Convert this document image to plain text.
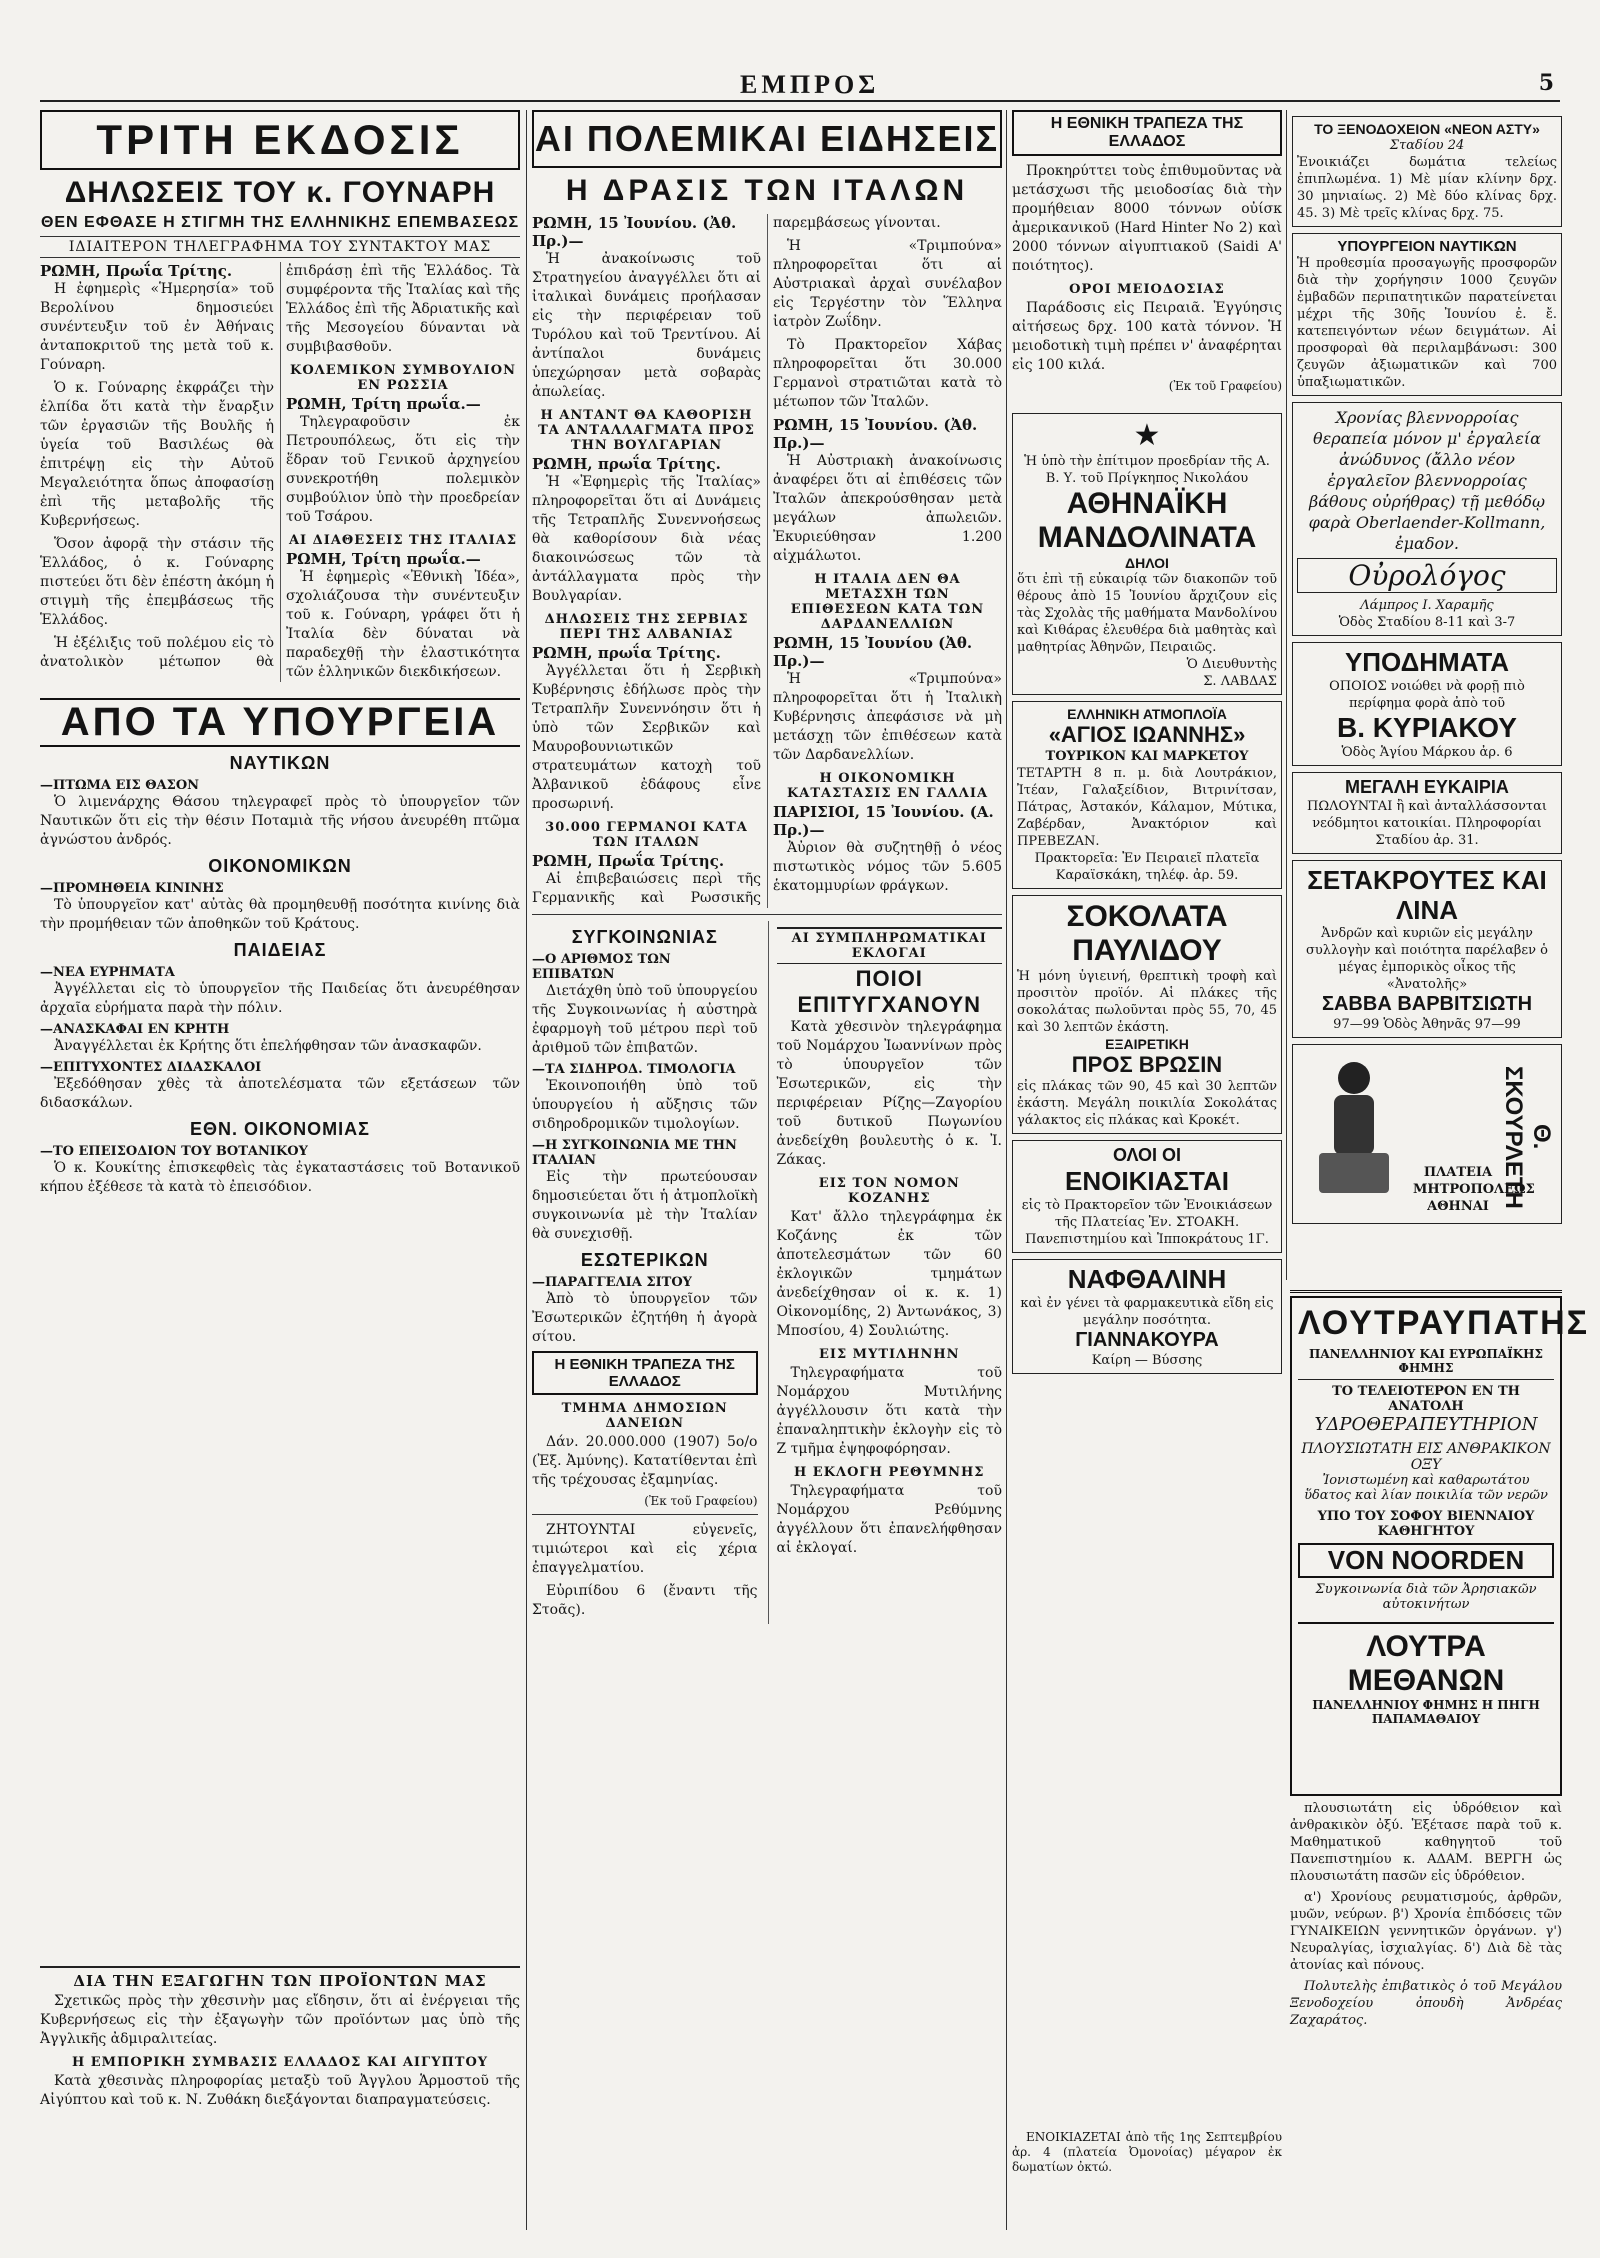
ΕΜΠΡΟΣ	5
ΤΡΙΤΗ ΕΚΔΟΣΙΣ
ΔΗΛΩΣΕΙΣ ΤΟΥ κ. ΓΟΥΝΑΡΗ
ΘΕΝ ΕΦΘΑΣΕ Η ΣΤΙΓΜΗ ΤΗΣ ΕΛΛΗΝΙΚΗΣ ΕΠΕΜΒΑΣΕΩΣ
ΙΔΙΑΙΤΕΡΟΝ ΤΗΛΕΓΡΑΦΗΜΑ ΤΟΥ ΣΥΝΤΑΚΤΟΥ ΜΑΣ
ΡΩΜΗ, Πρωΐα Τρίτης.

Η ἐφημερὶς «Ἡμερησία» τοῦ Βερολίνου δημοσιεύει συνέντευξιν τοῦ ἐν Ἀθήναις ἀνταποκριτοῦ της μετὰ τοῦ κ. Γούναρη.

Ὁ κ. Γούναρης ἐκφράζει τὴν ἐλπίδα ὅτι κατὰ τὴν ἔναρξιν τῶν ἐργασιῶν τῆς Βουλῆς ἡ ὑγεία τοῦ Βασιλέως θὰ ἐπιτρέψῃ εἰς τὴν Αὐτοῦ Μεγαλειότητα ὅπως ἀποφασίσῃ ἐπὶ τῆς μεταβολῆς τῆς Κυβερνήσεως.

Ὅσον ἀφορᾷ τὴν στάσιν τῆς Ἑλλάδος, ὁ κ. Γούναρης πιστεύει ὅτι δὲν ἐπέστη ἀκόμη ἡ στιγμὴ τῆς ἐπεμβάσεως τῆς Ἑλλάδος.

Ἡ ἐξέλιξις τοῦ πολέμου εἰς τὸ ἀνατολικὸν μέτωπον θὰ ἐπιδράσῃ ἐπὶ τῆς Ἑλλάδος. Τὰ συμφέροντα τῆς Ἰταλίας καὶ τῆς Ἑλλάδος ἐπὶ τῆς Ἀδριατικῆς καὶ τῆς Μεσογείου δύνανται νὰ συμβιβασθοῦν.

ΚΟΛΕΜΙΚΟΝ ΣΥΜΒΟΥΛΙΟΝ ΕΝ ΡΩΣΣΙΑ
ΡΩΜΗ, Τρίτη πρωΐα.—

Τηλεγραφοῦσιν ἐκ Πετρουπόλεως, ὅτι εἰς τὴν ἕδραν τοῦ Γενικοῦ ἀρχηγείου συνεκροτήθη πολεμικὸν συμβούλιον ὑπὸ τὴν προεδρείαν τοῦ Τσάρου.

ΑΙ ΔΙΑΘΕΣΕΙΣ ΤΗΣ ΙΤΑΛΙΑΣ
ΡΩΜΗ, Τρίτη πρωΐα.—

Ἡ ἐφημερὶς «Ἐθνικὴ Ἰδέα», σχολιάζουσα τὴν συνέντευξιν τοῦ κ. Γούναρη, γράφει ὅτι ἡ Ἰταλία δὲν δύναται νὰ παραδεχθῇ τὴν ἐλαστικότητα τῶν ἑλληνικῶν διεκδικήσεων.

ΑΠΟ ΤΑ ΥΠΟΥΡΓΕΙΑ
ΝΑΥΤΙΚΩΝ
—ΠΤΩΜΑ ΕΙΣ ΘΑΣΟΝ

Ὁ λιμενάρχης Θάσου τηλεγραφεῖ πρὸς τὸ ὑπουργεῖον τῶν Ναυτικῶν ὅτι εἰς τὴν θέσιν Ποταμιὰ τῆς νήσου ἀνευρέθη πτῶμα ἀγνώστου ἀνδρός.

ΟΙΚΟΝΟΜΙΚΩΝ
—ΠΡΟΜΗΘΕΙΑ ΚΙΝΙΝΗΣ

Τὸ ὑπουργεῖον κατ' αὐτὰς θὰ προμηθευθῇ ποσότητα κινίνης διὰ τὴν προμήθειαν τῶν ἀποθηκῶν τοῦ Κράτους.

ΠΑΙΔΕΙΑΣ
—ΝΕΑ ΕΥΡΗΜΑΤΑ

Ἀγγέλλεται εἰς τὸ ὑπουργεῖον τῆς Παιδείας ὅτι ἀνευρέθησαν ἀρχαῖα εὑρήματα παρὰ τὴν πόλιν.

—ΑΝΑΣΚΑΦΑΙ ΕΝ ΚΡΗΤΗ

Ἀναγγέλλεται ἐκ Κρήτης ὅτι ἐπελήφθησαν τῶν ἀνασκαφῶν.

—ΕΠΙΤΥΧΟΝΤΕΣ ΔΙΔΑΣΚΑΛΟΙ

Ἐξεδόθησαν χθὲς τὰ ἀποτελέσματα τῶν εξετάσεων τῶν διδασκάλων.

ΕΘΝ. ΟΙΚΟΝΟΜΙΑΣ
—ΤΟ ΕΠΕΙΣΟΔΙΟΝ ΤΟΥ ΒΟΤΑΝΙΚΟΥ

Ὁ κ. Κουκίτης ἐπισκεφθεὶς τὰς ἐγκαταστάσεις τοῦ Βοτανικοῦ κήπου ἐξέθεσε τὰ κατὰ τὸ ἐπεισόδιον.

ΑΙ ΠΟΛΕΜΙΚΑΙ ΕΙΔΗΣΕΙΣ
Η ΔΡΑΣΙΣ ΤΩΝ ΙΤΑΛΩΝ
ΡΩΜΗ, 15 Ἰουνίου. (Ἀθ. Πρ.)—

Ἡ ἀνακοίνωσις τοῦ Στρατηγείου ἀναγγέλλει ὅτι αἱ ἰταλικαὶ δυνάμεις προήλασαν εἰς τὴν περιφέρειαν τοῦ Τυρόλου καὶ τοῦ Τρεντίνου. Αἱ ἀντίπαλοι δυνάμεις ὑπεχώρησαν μετὰ σοβαρὰς ἀπωλείας.

Η ΑΝΤΑΝΤ ΘΑ ΚΑΘΟΡΙΣΗ ΤΑ ΑΝΤΑΛΛΑΓΜΑΤΑ ΠΡΟΣ ΤΗΝ ΒΟΥΛΓΑΡΙΑΝ
ΡΩΜΗ, πρωΐα Τρίτης.

Ἡ «Ἐφημερὶς τῆς Ἰταλίας» πληροφορεῖται ὅτι αἱ Δυνάμεις τῆς Τετραπλῆς Συνεννοήσεως θὰ καθορίσουν διὰ νέας διακοινώσεως τῶν τὰ ἀντάλλαγματα πρὸς τὴν Βουλγαρίαν.

ΔΗΛΩΣΕΙΣ ΤΗΣ ΣΕΡΒΙΑΣ ΠΕΡΙ ΤΗΣ ΑΛΒΑΝΙΑΣ
ΡΩΜΗ, πρωΐα Τρίτης.

Ἀγγέλλεται ὅτι ἡ Σερβικὴ Κυβέρνησις ἐδήλωσε πρὸς τὴν Τετραπλῆν Συνεννόησιν ὅτι ἡ ὑπὸ τῶν Σερβικῶν καὶ Μαυροβουνιωτικῶν στρατευμάτων κατοχὴ τοῦ Ἀλβανικοῦ ἐδάφους εἶνε προσωρινή.

30.000 ΓΕΡΜΑΝΟΙ ΚΑΤΑ ΤΩΝ ΙΤΑΛΩΝ
ΡΩΜΗ, Πρωΐα Τρίτης.

Αἱ ἐπιβεβαιώσεις περὶ τῆς Γερμανικῆς καὶ Ρωσσικῆς παρεμβάσεως γίνονται.

Ἡ «Τριμπούνα» πληροφορεῖται ὅτι αἱ Αὐστριακαὶ ἀρχαὶ συνέλαβον εἰς Τεργέστην τὸν Ἕλληνα ἰατρὸν Ζωΐδην.

Τὸ Πρακτορεῖον Χάβας πληροφορεῖται ὅτι 30.000 Γερμανοὶ στρατιῶται κατὰ τὸ μέτωπον τῶν Ἰταλῶν.

ΡΩΜΗ, 15 Ἰουνίου. (Ἀθ. Πρ.)—

Ἡ Αὐστριακὴ ἀνακοίνωσις ἀναφέρει ὅτι αἱ ἐπιθέσεις τῶν Ἰταλῶν ἀπεκρούσθησαν μετὰ μεγάλων ἀπωλειῶν. Ἐκυριεύθησαν 1.200 αἰχμάλωτοι.

Η ΙΤΑΛΙΑ ΔΕΝ ΘΑ ΜΕΤΑΣΧΗ ΤΩΝ ΕΠΙΘΕΣΕΩΝ ΚΑΤΑ ΤΩΝ ΔΑΡΔΑΝΕΛΛΙΩΝ
ΡΩΜΗ, 15 Ἰουνίου (Ἀθ. Πρ.)—

Ἡ «Τριμπούνα» πληροφορεῖται ὅτι ἡ Ἰταλικὴ Κυβέρνησις ἀπεφάσισε νὰ μὴ μετάσχῃ τῶν ἐπιθέσεων κατὰ τῶν Δαρδανελλίων.

Η ΟΙΚΟΝΟΜΙΚΗ ΚΑΤΑΣΤΑΣΙΣ ΕΝ ΓΑΛΛΙΑ
ΠΑΡΙΣΙΟΙ, 15 Ἰουνίου. (Α. Πρ.)—

Ἀὐριον θὰ συζητηθῇ ὁ νέος πιστωτικὸς νόμος τῶν 5.605 ἑκατομμυρίων φράγκων.

ΣΥΓΚΟΙΝΩΝΙΑΣ
—Ο ΑΡΙΘΜΟΣ ΤΩΝ ΕΠΙΒΑΤΩΝ

Διετάχθη ὑπὸ τοῦ ὑπουργείου τῆς Συγκοινωνίας ἡ αὐστηρὰ ἐφαρμογὴ τοῦ μέτρου περὶ τοῦ ἀριθμοῦ τῶν ἐπιβατῶν.

—ΤΑ ΣΙΔΗΡΟΔ. ΤΙΜΟΛΟΓΙΑ

Ἐκοινοποιήθη ὑπὸ τοῦ ὑπουργείου ἡ αὔξησις τῶν σιδηροδρομικῶν τιμολογίων.

—Η ΣΥΓΚΟΙΝΩΝΙΑ ΜΕ ΤΗΝ ΙΤΑΛΙΑΝ

Εἰς τὴν πρωτεύουσαν δημοσιεύεται ὅτι ἡ ἀτμοπλοϊκὴ συγκοινωνία μὲ τὴν Ἰταλίαν θὰ συνεχισθῇ.

ΕΣΩΤΕΡΙΚΩΝ
—ΠΑΡΑΓΓΕΛΙΑ ΣΙΤΟΥ

Ἀπὸ τὸ ὑπουργεῖον τῶν Ἐσωτερικῶν ἐζητήθη ἡ ἀγορὰ σίτου.

Η ΕΘΝΙΚΗ ΤΡΑΠΕΖΑ ΤΗΣ ΕΛΛΑΔΟΣ
ΤΜΗΜΑ ΔΗΜΟΣΙΩΝ ΔΑΝΕΙΩΝ

Δάν. 20.000.000 (1907) 5ο/ο (Ἐξ. Ἀμύνης). Κατατίθενται ἐπὶ τῆς τρέχουσας ἐξαμηνίας.

(Ἐκ τοῦ Γραφείου)

ΖΗΤΟΥΝΤΑΙ εὐγενεῖς, τιμιώτεροι καὶ εἰς χέρια ἐπαγγελματίου.

Εὐριπίδου 6 (ἔναντι τῆς Στοᾶς).

ΑΙ ΣΥΜΠΛΗΡΩΜΑΤΙΚΑΙ ΕΚΛΟΓΑΙ
ΠΟΙΟΙ ΕΠΙΤΥΓΧΑΝΟΥΝ

Κατὰ χθεσινὸν τηλεγράφημα τοῦ Νομάρχου Ἰωαννίνων πρὸς τὸ ὑπουργεῖον τῶν Ἐσωτερικῶν, εἰς τὴν περιφέρειαν Ρίζης—Ζαγορίου τοῦ δυτικοῦ Πωγωνίου ἀνεδείχθη βουλευτὴς ὁ κ. Ἰ. Ζάκας.

ΕΙΣ ΤΟΝ ΝΟΜΟΝ ΚΟΖΑΝΗΣ

Κατ' ἄλλο τηλεγράφημα ἐκ Κοζάνης ἐκ τῶν ἀποτελεσμάτων τῶν 60 ἐκλογικῶν τμημάτων ἀνεδείχθησαν οἱ κ. κ. 1) Οἰκονομίδης, 2) Ἀντωνάκος, 3) Μποσίου, 4) Σουλιώτης.

ΕΙΣ ΜΥΤΙΛΗΝΗΝ

Τηλεγραφήματα τοῦ Νομάρχου Μυτιλήνης ἀγγέλλουσιν ὅτι κατὰ τὴν ἐπαναληπτικὴν ἐκλογὴν εἰς τὸ Ζ τμῆμα ἐψηφοφόρησαν.

Η ΕΚΛΟΓΗ ΡΕΘΥΜΝΗΣ

Τηλεγραφήματα τοῦ Νομάρχου Ρεθύμνης ἀγγέλλουν ὅτι ἐπανελήφθησαν αἱ ἐκλογαί.

Η ΕΘΝΙΚΗ ΤΡΑΠΕΖΑ ΤΗΣ ΕΛΛΑΔΟΣ

Προκηρύττει τοὺς ἐπιθυμοῦντας νὰ μετάσχωσι τῆς μειοδοσίας διὰ τὴν προμήθειαν 8000 τόννων οὐίσκ ἀμερικανικοῦ (Hard Hinter No 2) καὶ 2000 τόννων αἰγυπτιακοῦ (Saidi A' ποιότητος).

ΟΡΟΙ ΜΕΙΟΔΟΣΙΑΣ

Παράδοσις εἰς Πειραιᾶ. Ἐγγύησις αἰτήσεως δρχ. 100 κατὰ τόννον. Ἡ μειοδοτικὴ τιμὴ πρέπει ν' ἀναφέρηται εἰς 100 κιλά.

(Ἐκ τοῦ Γραφείου)
★
Ἡ ὑπὸ τὴν ἐπίτιμον προεδρίαν τῆς Α. Β. Υ. τοῦ Πρίγκηπος Νικολάου
ΑΘΗΝΑΪΚΗ ΜΑΝΔΟΛΙΝΑΤΑ
ΔΗΛΟΙ
ὅτι ἐπὶ τῇ εὐκαιρίᾳ τῶν διακοπῶν τοῦ θέρους ἀπὸ 15 Ἰουνίου ἄρχιζουν εἰς τὰς Σχολὰς τῆς μαθήματα Μανδολίνου καὶ Κιθάρας ἐλευθέρα διὰ μαθητὰς καὶ μαθητρίας Ἀθηνῶν, Πειραιῶς.
Ὁ Διευθυντὴς
Σ. ΛΑΒΔΑΣ
ΕΛΛΗΝΙΚΗ ΑΤΜΟΠΛΟΪΑ
«ΑΓΙΟΣ ΙΩΑΝΝΗΣ»
ΤΟΥΡΙΚΟΝ ΚΑΙ ΜΑΡΚΕΤΟΥ
ΤΕΤΑΡΤΗ 8 π. μ. διὰ Λουτράκιον, Ἰτέαν, Γαλαξείδιον, Βιτρινίτσαν, Πάτρας, Ἀστακόν, Κάλαμον, Μύτικα, Ζαβέρδαν, Ἀνακτόριον καὶ ΠΡΕΒΕΖΑΝ.
Πρακτορεῖα: Ἐν Πειραιεῖ πλατεῖα Καραϊσκάκη, τηλέφ. ἀρ. 59.
ΣΟΚΟΛΑΤΑ ΠΑΥΛΙΔΟΥ
Ἡ μόνη ὑγιεινή, θρεπτικὴ τροφὴ καὶ προσιτὸν προϊόν. Αἱ πλάκες τῆς σοκολάτας πωλοῦνται πρὸς 55, 70, 45 καὶ 30 λεπτῶν ἑκάστη.
ΕΞΑΙΡΕΤΙΚΗ
ΠΡΟΣ ΒΡΩΣΙΝ
εἰς πλάκας τῶν 90, 45 καὶ 30 λεπτῶν ἑκάστη. Μεγάλη ποικιλία Σοκολάτας γάλακτος εἰς πλάκας καὶ Κροκέτ.
ΟΛΟΙ ΟΙ
ΕΝΟΙΚΙΑΣΤΑΙ
εἰς τὸ Πρακτορεῖον τῶν Ἐνοικιάσεων τῆς Πλατείας Ἐν. ΣΤΟΑΚΗ. Πανεπιστημίου καὶ Ἱπποκράτους 1Γ.
ΝΑΦΘΑΛΙΝΗ
καὶ ἐν γένει τὰ φαρμακευτικὰ εἴδη εἰς μεγάλην ποσότητα.
ΓΙΑΝΝΑΚΟΥΡΑ
Καίρη — Βύσσης
ΤΟ ΞΕΝΟΔΟΧΕΙΟΝ «ΝΕΟΝ ΑΣΤΥ»
Σταδίου 24
Ἐνοικιάζει δωμάτια τελείως ἐπιπλωμένα. 1) Μὲ μίαν κλίνην δρχ. 30 μηνιαίως. 2) Μὲ δύο κλίνας δρχ. 45. 3) Μὲ τρεῖς κλίνας δρχ. 75.
ΥΠΟΥΡΓΕΙΟΝ ΝΑΥΤΙΚΩΝ
Ἡ προθεσμία προσαγωγῆς προσφορῶν διὰ τὴν χορήγησιν 1000 ζευγῶν ἐμβαδῶν περιπατητικῶν παρατείνεται μέχρι τῆς 30ῆς Ἰουνίου ἐ. ἔ. κατεπειγόντων νέων δειγμάτων. Αἱ προσφοραὶ θὰ περιλαμβάνωσι: 300 ζευγῶν ἀξιωματικῶν καὶ 700 ὑπαξιωματικῶν.
Χρονίας βλεννορροίας θεραπεία μόνον μ' ἐργαλεία ἀνώδυνος (ἄλλο νέον ἐργαλεῖον βλεννορροίας βάθους οὐρήθρας) τῇ μεθόδῳ φαρὰ Oberlaender-Kollmann, ἐμαδον.
Οὐρολόγος
Λάμπρος Ι. Χαραμῆς
Ὁδὸς Σταδίου 8-11 καὶ 3-7
ΥΠΟΔΗΜΑΤΑ
ΟΠΟΙΟΣ νοιώθει νὰ φορῇ πιὸ περίφημα φορὰ ἀπὸ τοῦ
Β. ΚΥΡΙΑΚΟΥ
Ὁδὸς Ἁγίου Μάρκου ἀρ. 6
ΜΕΓΑΛΗ ΕΥΚΑΙΡΙΑ
ΠΩΛΟΥΝΤΑΙ ἢ καὶ ἀνταλλάσσονται νεόδμητοι κατοικίαι. Πληροφορίαι Σταδίου ἀρ. 31.
ΣΕΤΑΚΡΟΥΤΕΣ ΚΑΙ ΛΙΝΑ
Ἀνδρῶν καὶ κυριῶν εἰς μεγάλην συλλογὴν καὶ ποιότητα παρέλαβεν ὁ μέγας ἐμπορικὸς οἶκος τῆς «Ἀνατολῆς»
ΣΑΒΒΑ ΒΑΡΒΙΤΣΙΩΤΗ
97—99 Ὁδὸς Ἀθηνᾶς 97—99
Θ. ΣΚΟΥΡΛΕΤΗ
ΠΛΑΤΕΙΑ ΜΗΤΡΟΠΟΛΕΩΣ ΑΘΗΝΑΙ
ΛΟΥΤΡΑΥΠΑΤΗΣ
ΠΑΝΕΛΛΗΝΙΟΥ ΚΑΙ ΕΥΡΩΠΑΪΚΗΣ ΦΗΜΗΣ
ΤΟ ΤΕΛΕΙΟΤΕΡΟΝ ΕΝ ΤΗ ΑΝΑΤΟΛΗ
ΥΔΡΟΘΕΡΑΠΕΥΤΗΡΙΟΝ
ΠΛΟΥΣΙΩΤΑΤΗ ΕΙΣ ΑΝΘΡΑΚΙΚΟΝ ΟΞΥ
Ἰονιστωμένη καὶ καθαρωτάτου ὕδατος καὶ λίαν ποικιλία τῶν νερῶν
ΥΠΟ ΤΟΥ ΣΟΦΟΥ ΒΙΕΝΝΑΙΟΥ ΚΑΘΗΓΗΤΟΥ
VON NOORDEN
Συγκοινωνία διὰ τῶν Ἀρησιακῶν αὐτοκινήτων
ΛΟΥΤΡΑ ΜΕΘΑΝΩΝ
ΠΑΝΕΛΛΗΝΙΟΥ ΦΗΜΗΣ Η ΠΗΓΗ ΠΑΠΑΜΑΘΑΙΟΥ

πλουσιωτάτη εἰς ὑδρόθειον καὶ ἀνθρακικὸν ὀξύ. Ἐξέτασε παρὰ τοῦ κ. Μαθηματικοῦ καθηγητοῦ τοῦ Πανεπιστημίου κ. ΑΔΑΜ. ΒΕΡΓΗ ὡς πλουσιωτάτη πασῶν εἰς ὑδρόθειον.

α') Χρονίους ρευματισμούς, ἀρθρῶν, μυῶν, νεύρων. β') Χρονία ἐπιδόσεις τῶν ΓΥΝΑΙΚΕΙΩΝ γεννητικῶν ὀργάνων. γ') Νευραλγίας, ἰσχιαλγίας. δ') Διὰ δὲ τὰς ἀτονίας καὶ πόνους.

Πολυτελὴς ἐπιβατικὸς ὁ τοῦ Μεγάλου Ξενοδοχείου ὁπουδὴ Ἀνδρέας Ζαχαράτος.

ΕΝΟΙΚΙΑΖΕΤΑΙ ἀπὸ τῆς 1ης Σεπτεμβρίου ἀρ. 4 (πλατεία Ὀμονοίας) μέγαρον ἐκ δωματίων ὀκτώ.

ΔΙΑ ΤΗΝ ΕΞΑΓΩΓΗΝ ΤΩΝ ΠΡΟΪΟΝΤΩΝ ΜΑΣ

Σχετικῶς πρὸς τὴν χθεσινὴν μας εἴδησιν, ὅτι αἱ ἐνέργειαι τῆς Κυβερνήσεως εἰς τὴν ἐξαγωγὴν τῶν προϊόντων μας ὑπὸ τῆς Ἀγγλικῆς ἀδμιραλιτείας.

Η ΕΜΠΟΡΙΚΗ ΣΥΜΒΑΣΙΣ ΕΛΛΑΔΟΣ ΚΑΙ ΑΙΓΥΠΤΟΥ

Κατὰ χθεσινὰς πληροφορίας μεταξὺ τοῦ Ἀγγλου Ἁρμοστοῦ τῆς Αἰγύπτου καὶ τοῦ κ. Ν. Ζυθάκη διεξάγονται διαπραγματεύσεις.
